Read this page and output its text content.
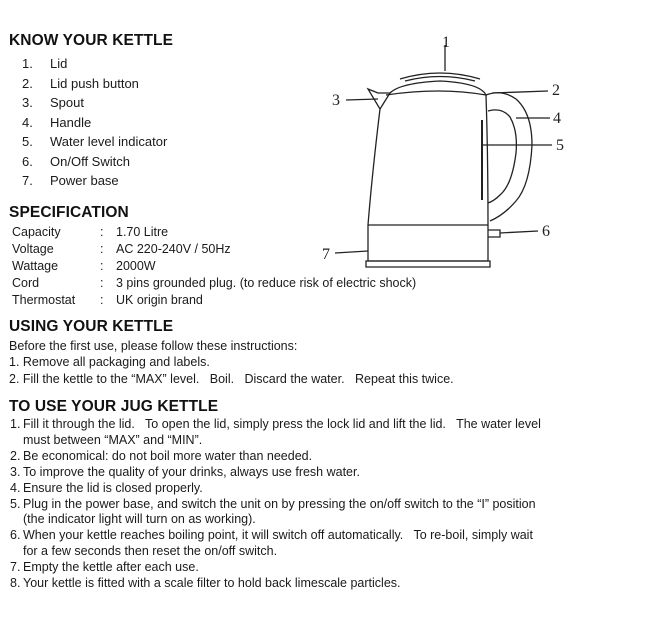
KNOW YOUR KETTLE
1. Lid
2. Lid push button
3. Spout
4. Handle
5. Water level indicator
6. On/Off Switch
7. Power base
1
2
3
4
5
6
7
SPECIFICATION
Capacity	:	1.70 Litre
Voltage	:	AC 220-240V / 50Hz
Wattage	:	2000W
Cord	:	3 pins grounded plug. (to reduce risk of electric shock)
Thermostat	:	UK origin brand
USING YOUR KETTLE

Before the first use, please follow these instructions:

1. Remove all packaging and labels.

2. Fill the kettle to the “MAX” level.   Boil.   Discard the water.   Repeat this twice.

TO USE YOUR JUG KETTLE
1. Fill it through the lid.   To open the lid, simply press the lock lid and lift the lid.   The water level
must between “MAX” and “MIN”.
2. Be economical: do not boil more water than needed.
3. To improve the quality of your drinks, always use fresh water.
4. Ensure the lid is closed properly.
5. Plug in the power base, and switch the unit on by pressing the on/off switch to the “I” position
(the indicator light will turn on as working).
6. When your kettle reaches boiling point, it will switch off automatically.   To re-boil, simply wait
for a few seconds then reset the on/off switch.
7. Empty the kettle after each use.
8. Your kettle is fitted with a scale filter to hold back limescale particles.
